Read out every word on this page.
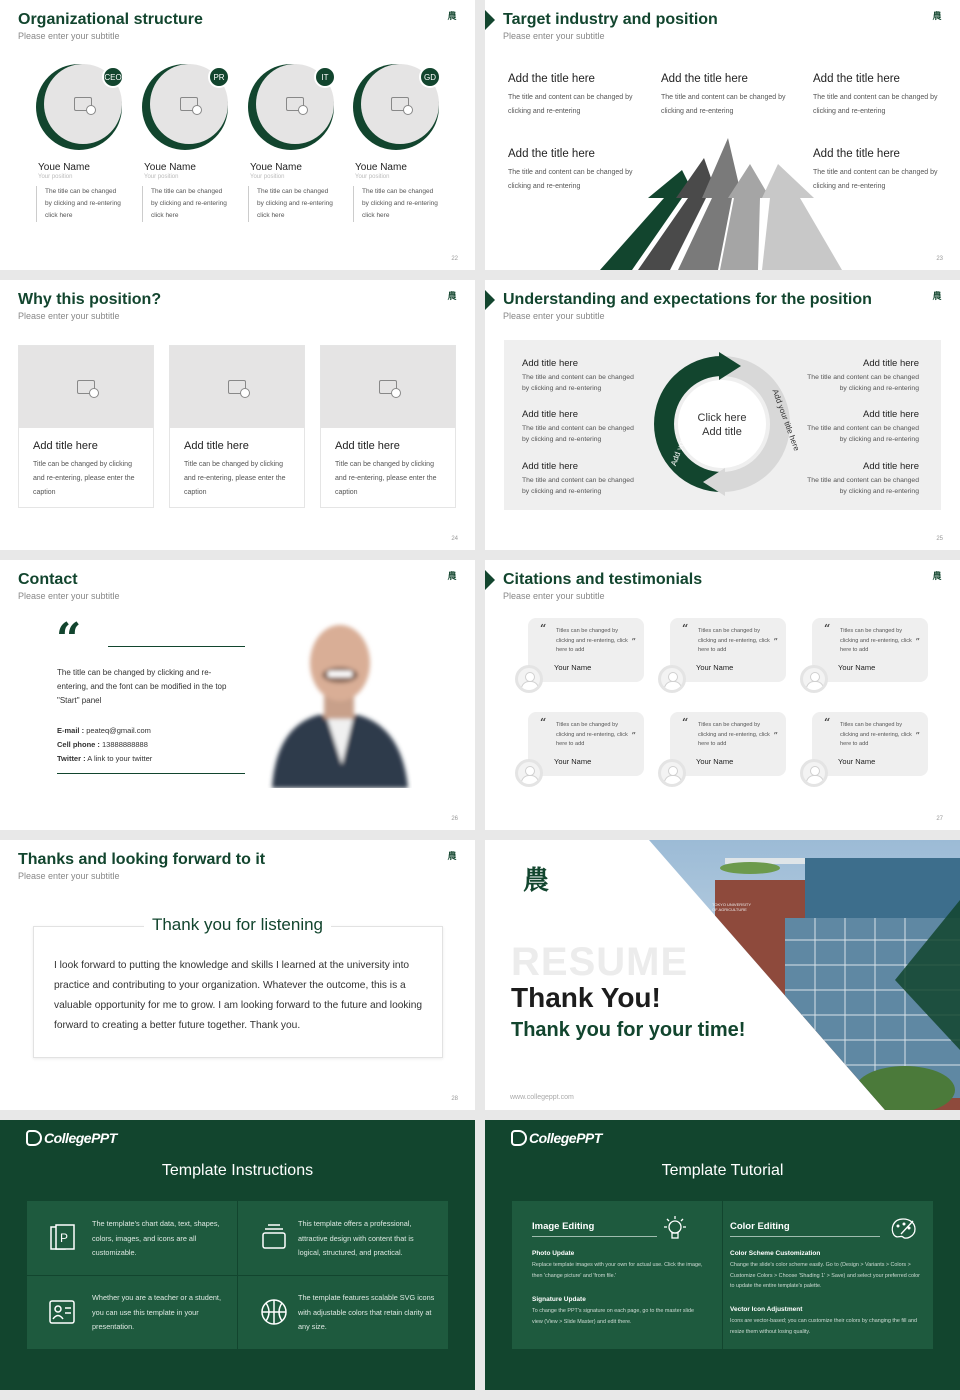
Organizational structure
Please enter your subtitle
農
CEO
Youe Name
Your position
The title can be changed by clicking and re-entering click here
PR
Youe Name
Your position
The title can be changed by clicking and re-entering click here
IT
Youe Name
Your position
The title can be changed by clicking and re-entering click here
GD
Youe Name
Your position
The title can be changed by clicking and re-entering click here
22
Target industry and position
Please enter your subtitle
農
Add the title here

The title and content can be changed by clicking and re-entering

Add the title here

The title and content can be changed by clicking and re-entering

Add the title here

The title and content can be changed by clicking and re-entering

Add the title here

The title and content can be changed by clicking and re-entering

Add the title here

The title and content can be changed by clicking and re-entering

23
Why this position?
Please enter your subtitle
農
Add title here

Title can be changed by clicking and re-entering, please enter the caption

Add title here

Title can be changed by clicking and re-entering, please enter the caption

Add title here

Title can be changed by clicking and re-entering, please enter the caption

24
Understanding and expectations for the position
Please enter your subtitle
農
Add title here

The title and content can be changed by clicking and re-entering

Add title here

The title and content can be changed by clicking and re-entering

Add title here

The title and content can be changed by clicking and re-entering

Add title here

The title and content can be changed by clicking and re-entering

Add title here

The title and content can be changed by clicking and re-entering

Add title here

The title and content can be changed by clicking and re-entering

Click here Add title
Add your title here	Add your title here
25
Contact
Please enter your subtitle
農
“
The title can be changed by clicking and re-entering, and the font can be modified in the top "Start" panel
E-mail : peateq@gmail.com
Cell phone : 13888888888
Twitter : A link to your twitter
26
Citations and testimonials
Please enter your subtitle
農
“ Titles can be changed by clicking and re-entering, click here to add
”
Your Name
“ Titles can be changed by clicking and re-entering, click here to add
”
Your Name
“ Titles can be changed by clicking and re-entering, click here to add
”
Your Name
“ Titles can be changed by clicking and re-entering, click here to add
”
Your Name
“ Titles can be changed by clicking and re-entering, click here to add
”
Your Name
“ Titles can be changed by clicking and re-entering, click here to add
”
Your Name
27
Thanks and looking forward to it
Please enter your subtitle
農
Thank you for listening
I look forward to putting the knowledge and skills I learned at the university into practice and contributing to your organization. Whatever the outcome, this is a valuable opportunity for me to grow. I am looking forward to the future and looking forward to creating a better future together. Thank you.
28
TOKYO UNIVERSITY OF AGRICULTURE
農
RESUME
Thank You!
Thank you for your time!
www.collegeppt.com
CollegePPT
Template Instructions
P

The template's chart data, text, shapes, colors, images, and icons are all customizable.

This template offers a professional, attractive design with content that is logical, structured, and practical.

Whether you are a teacher or a student, you can use this template in your presentation.

The template features scalable SVG icons with adjustable colors that retain clarity at any size.

CollegePPT
Template Tutorial
Image Editing
Photo Update
Replace template images with your own for actual use. Click the image, then 'change picture' and 'from file.'
Signature Update
To change the PPT's signature on each page, go to the master slide view (View > Slide Master) and edit there.
Color Editing
Color Scheme Customization
Change the slide's color scheme easily. Go to (Design > Variants > Colors > Customize Colors > Choose 'Shading 1' > Save) and select your preferred color to update the entire template's palette.
Vector Icon Adjustment
Icons are vector-based; you can customize their colors by changing the fill and resize them without losing quality.
